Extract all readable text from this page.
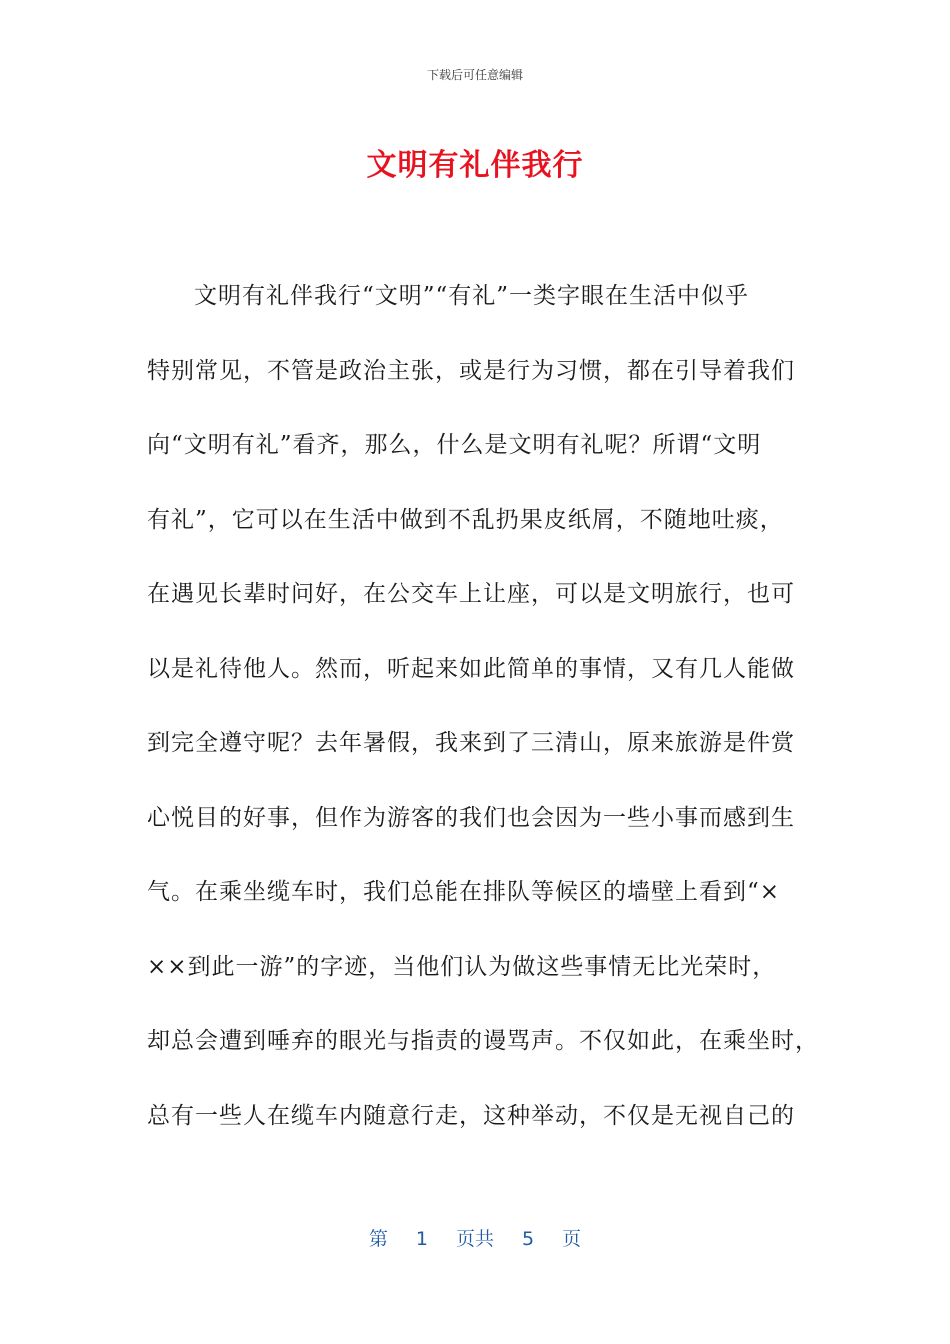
下载后可任意编辑
文明有礼伴我行
文明有礼伴我行“文明”“有礼”一类字眼在生活中似乎
特别常见，不管是政治主张，或是行为习惯，都在引导着我们
向“文明有礼”看齐，那么，什么是文明有礼呢？所谓“文明
有礼”，它可以在生活中做到不乱扔果皮纸屑，不随地吐痰，
在遇见长辈时问好，在公交车上让座，可以是文明旅行，也可
以是礼待他人。然而，听起来如此简单的事情，又有几人能做
到完全遵守呢？去年暑假，我来到了三清山，原来旅游是件赏
心悦目的好事，但作为游客的我们也会因为一些小事而感到生
气。在乘坐缆车时，我们总能在排队等候区的墙壁上看到“×
××到此一游”的字迹，当他们认为做这些事情无比光荣时，
却总会遭到唾弃的眼光与指责的谩骂声。不仅如此，在乘坐时，
总有一些人在缆车内随意行走，这种举动，不仅是无视自己的
第 1 页共 5 页
